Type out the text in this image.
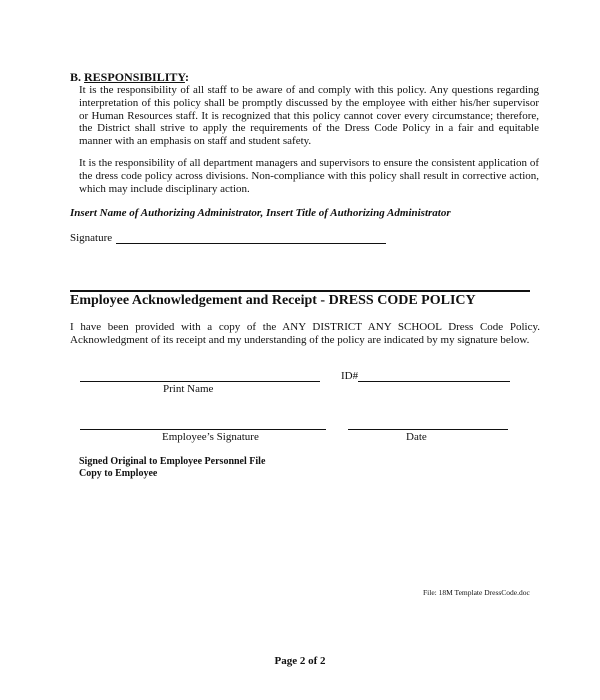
B. RESPONSIBILITY:
It is the responsibility of all staff to be aware of and comply with this policy. Any questions regarding interpretation of this policy shall be promptly discussed by the employee with either his/her supervisor or Human Resources staff. It is recognized that this policy cannot cover every circumstance; therefore, the District shall strive to apply the requirements of the Dress Code Policy in a fair and equitable manner with an emphasis on staff and student safety.
It is the responsibility of all department managers and supervisors to ensure the consistent application of the dress code policy across divisions. Non-compliance with this policy shall result in corrective action, which may include disciplinary action.
Insert Name of Authorizing Administrator, Insert Title of Authorizing Administrator
Signature
Employee Acknowledgement and Receipt - DRESS CODE POLICY
I have been provided with a copy of the ANY DISTRICT ANY SCHOOL Dress Code Policy. Acknowledgment of its receipt and my understanding of the policy are indicated by my signature below.
Print Name
ID#
Employee’s Signature	Date
Signed Original to Employee Personnel File
Copy to Employee
File: 18M Template DressCode.doc
Page 2 of 2
